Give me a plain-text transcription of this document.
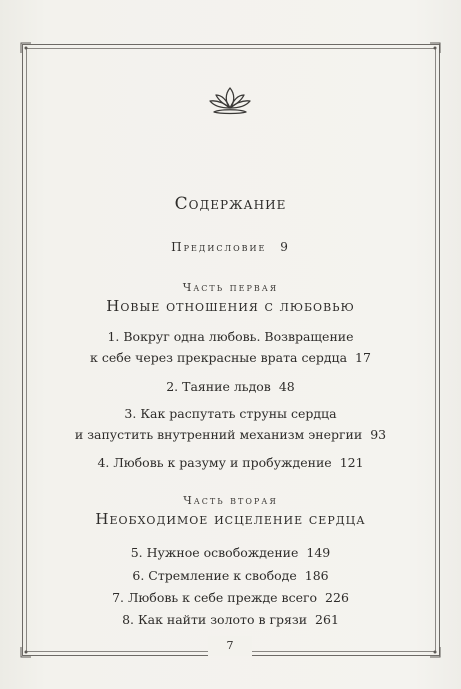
Содержание
Предисловие 9
Часть первая
Новые отношения с любовью
1. Вокруг одна любовь. Возвращение
к себе через прекрасные врата сердца 17
2. Таяние льдов 48
3. Как распутать струны сердца
и запустить внутренний механизм энергии 93
4. Любовь к разуму и пробуждение 121
Часть вторая
Необходимое исцеление сердца
5. Нужное освобождение 149
6. Стремление к свободе 186
7. Любовь к себе прежде всего 226
8. Как найти золото в грязи 261
7
